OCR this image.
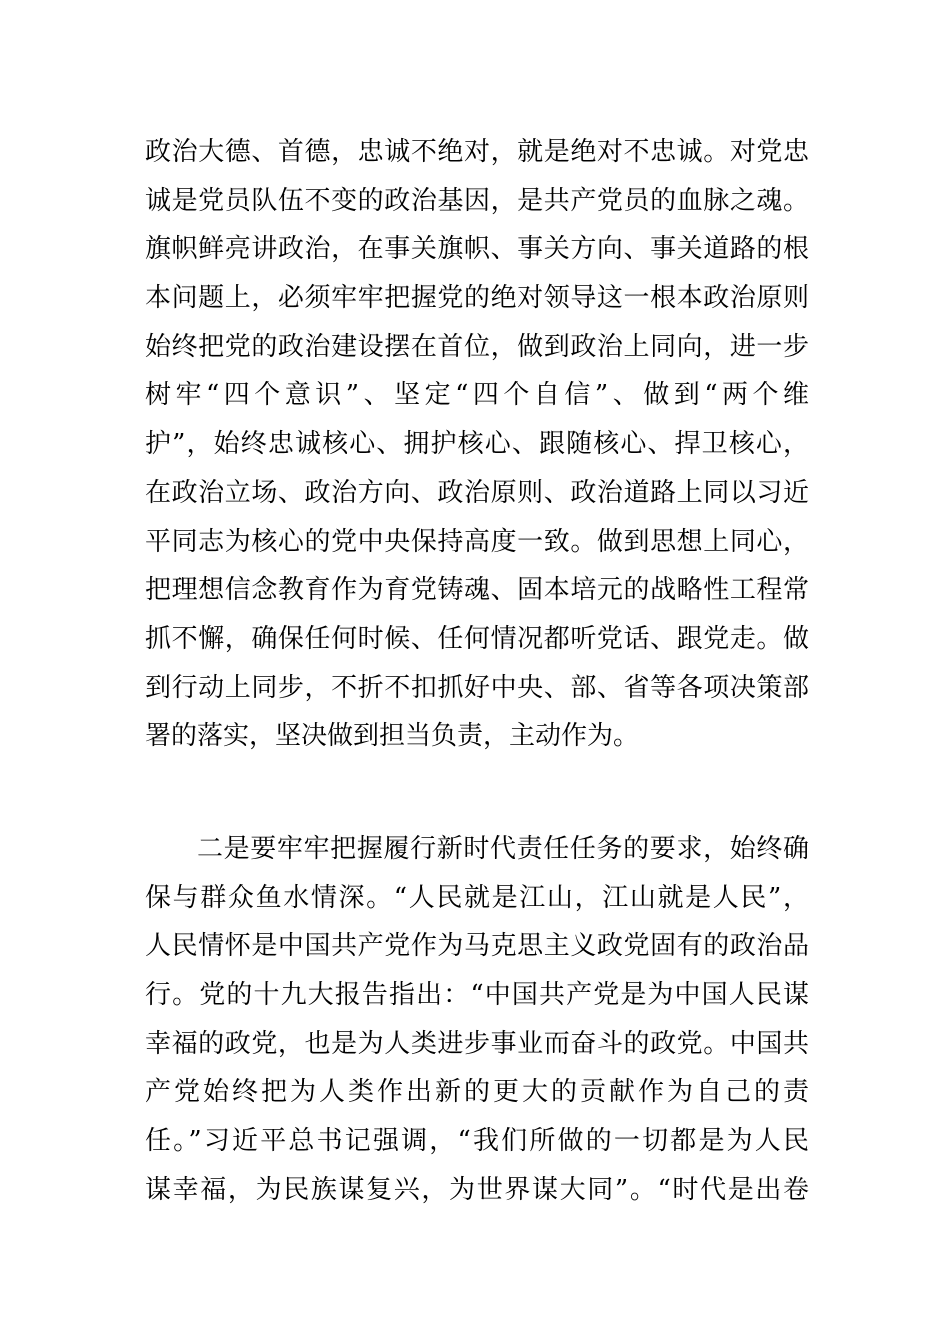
政治大德、首德，忠诚不绝对，就是绝对不忠诚。对党忠
诚是党员队伍不变的政治基因，是共产党员的血脉之魂。
旗帜鲜亮讲政治，在事关旗帜、事关方向、事关道路的根
本问题上，必须牢牢把握党的绝对领导这一根本政治原则
始终把党的政治建设摆在首位，做到政治上同向，进一步
树牢“四个意识”、坚定“四个自信”、做到“两个维
护”，始终忠诚核心、拥护核心、跟随核心、捍卫核心，
在政治立场、政治方向、政治原则、政治道路上同以习近
平同志为核心的党中央保持高度一致。做到思想上同心，
把理想信念教育作为育党铸魂、固本培元的战略性工程常
抓不懈，确保任何时候、任何情况都听党话、跟党走。做
到行动上同步，不折不扣抓好中央、部、省等各项决策部
署的落实，坚决做到担当负责，主动作为。
二是要牢牢把握履行新时代责任任务的要求，始终确
保与群众鱼水情深。“人民就是江山，江山就是人民”，
人民情怀是中国共产党作为马克思主义政党固有的政治品
行。党的十九大报告指出：“中国共产党是为中国人民谋
幸福的政党，也是为人类进步事业而奋斗的政党。中国共
产党始终把为人类作出新的更大的贡献作为自己的责
任。”习近平总书记强调，“我们所做的一切都是为人民
谋幸福，为民族谋复兴，为世界谋大同”。“时代是出卷
